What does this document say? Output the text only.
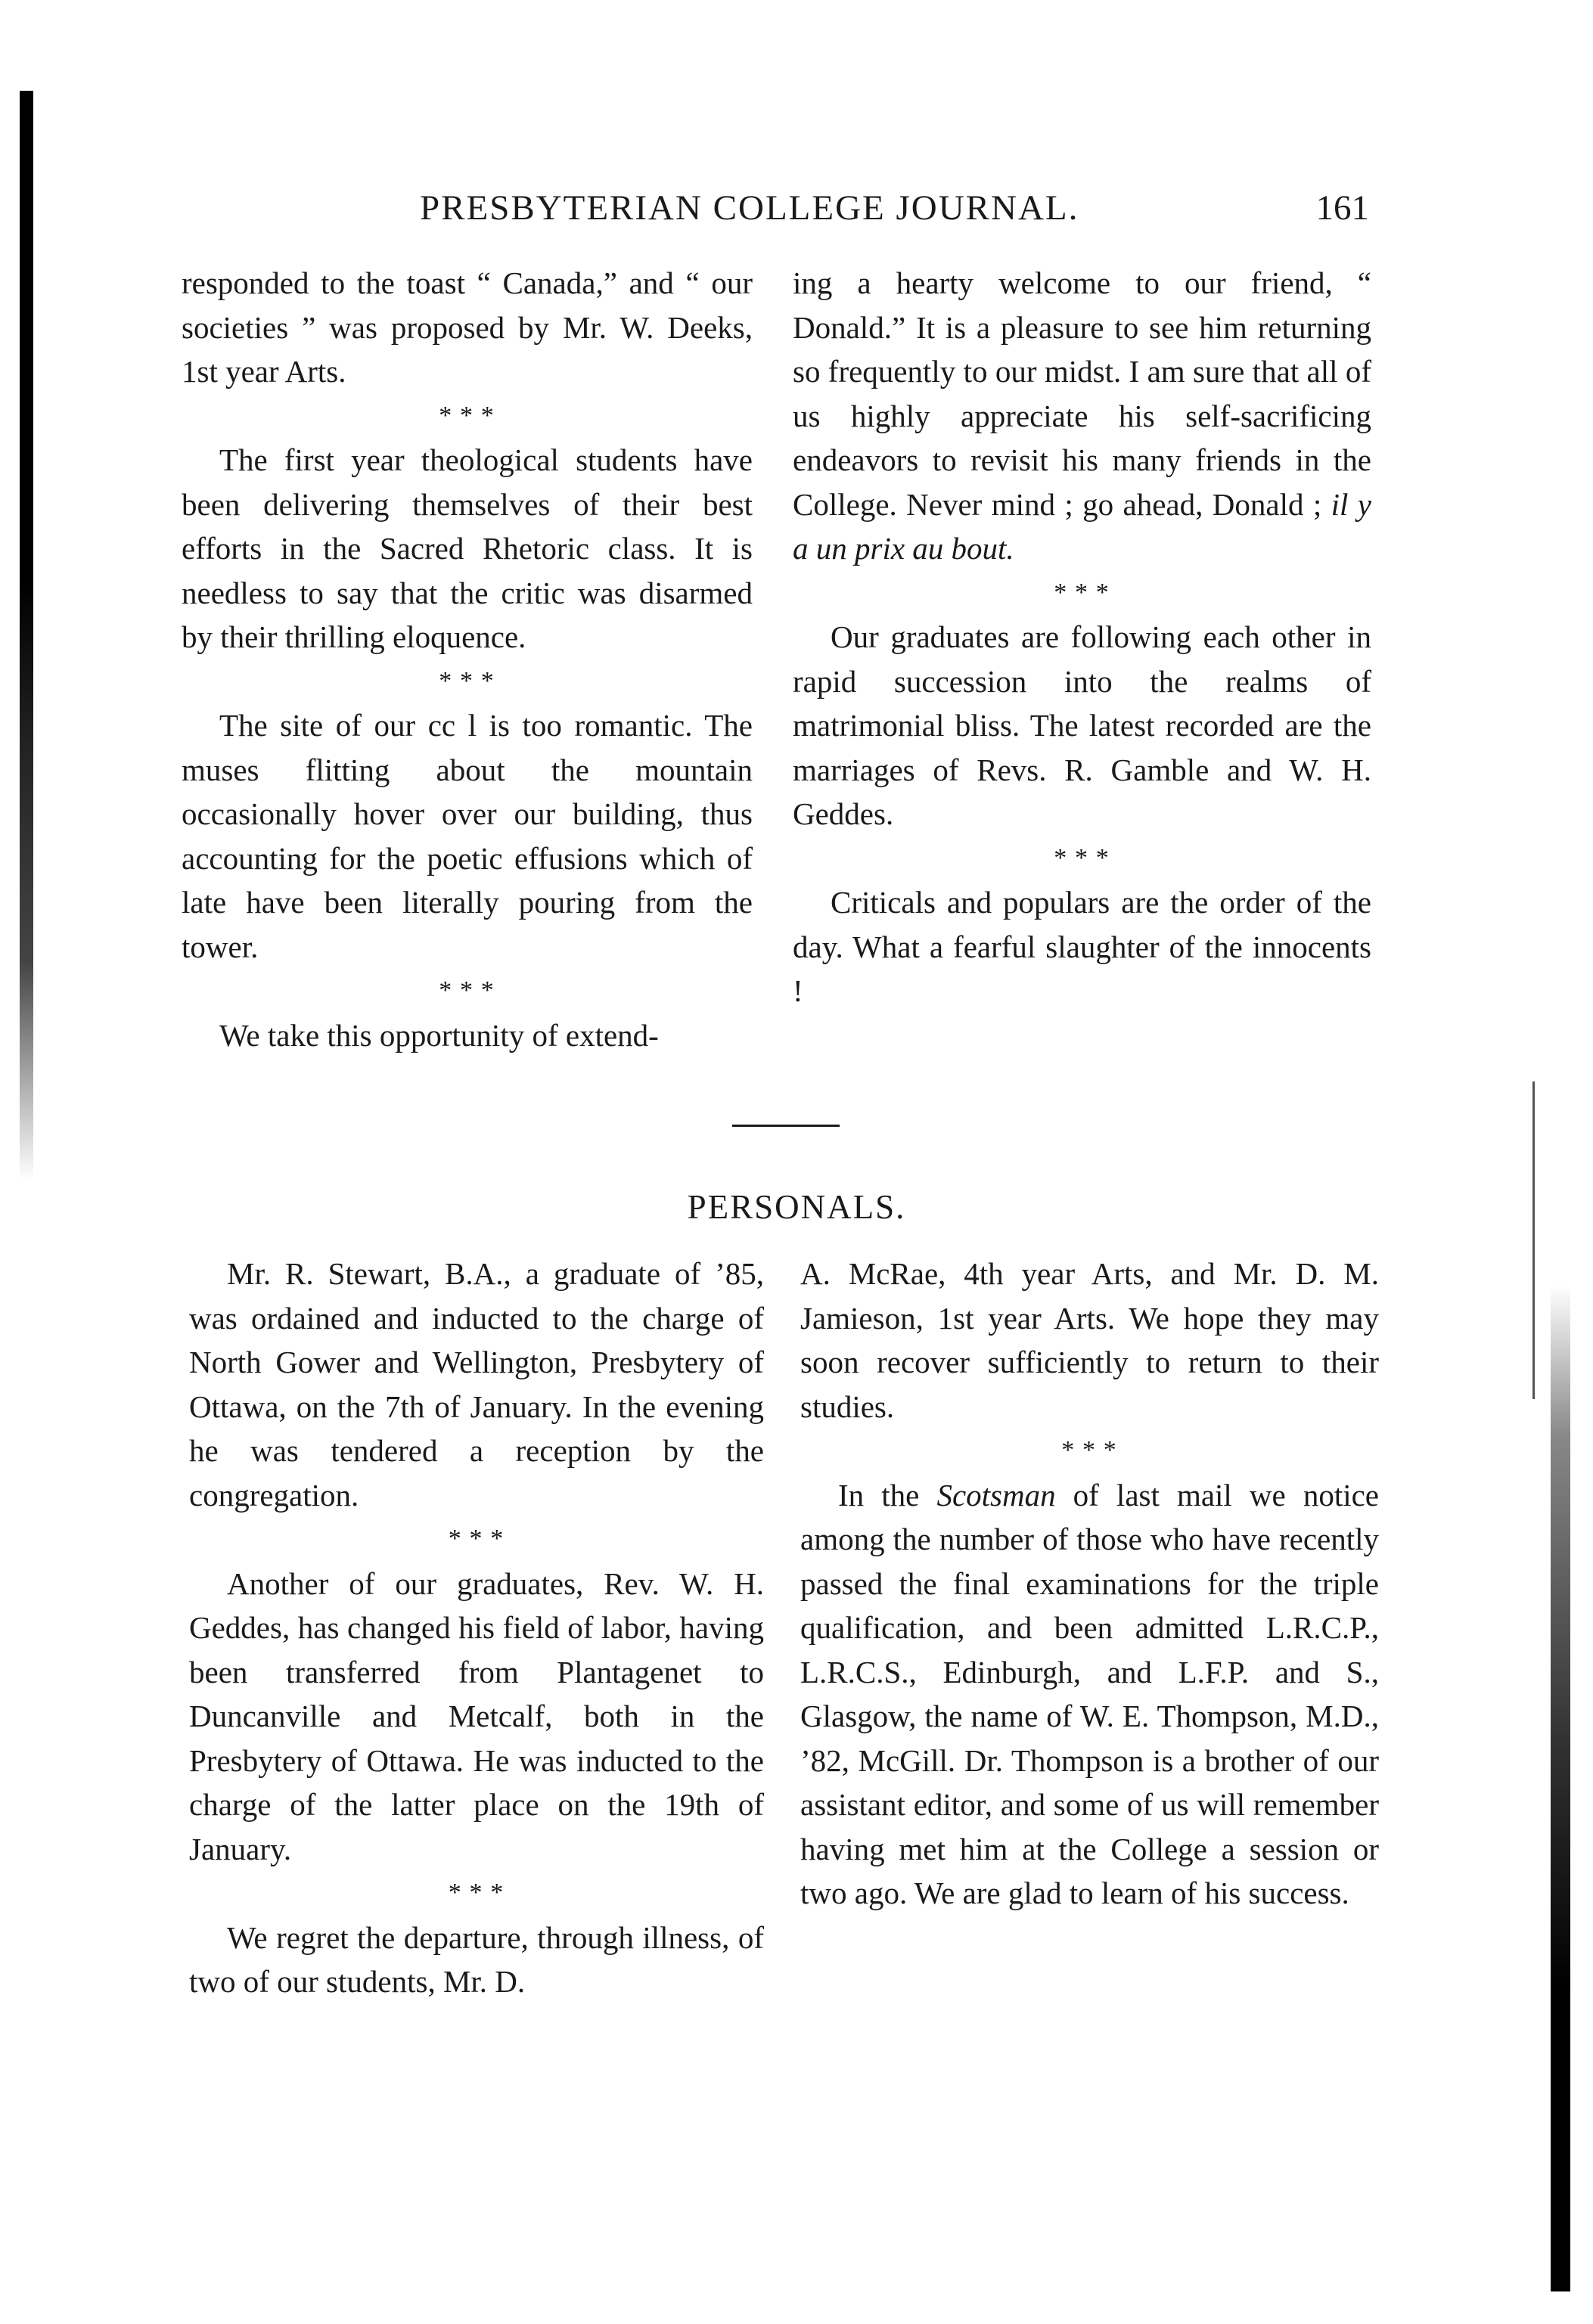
PRESBYTERIAN COLLEGE JOURNAL.	161

responded to the toast “ Canada,” and “ our societies ” was proposed by Mr. W. Deeks, 1st year Arts.

* * *

The first year theological students have been delivering themselves of their best efforts in the Sacred Rhetoric class. It is needless to say that the critic was disarmed by their thrilling eloquence.

* * *

The site of our cc l is too romantic. The muses flitting about the mountain occasionally hover over our building, thus accounting for the poetic effusions which of late have been literally pouring from the tower.

* * *

We take this opportunity of extend-

ing a hearty welcome to our friend, “ Donald.” It is a pleasure to see him returning so frequently to our midst. I am sure that all of us highly appreciate his self-sacrificing endeavors to revisit his many friends in the College. Never mind ; go ahead, Donald ; il y a un prix au bout.

* * *

Our graduates are following each other in rapid succession into the realms of matrimonial bliss. The latest recorded are the marriages of Revs. R. Gamble and W. H. Geddes.

* * *

Criticals and populars are the order of the day. What a fearful slaughter of the innocents !

PERSONALS.

Mr. R. Stewart, B.A., a graduate of ’85, was ordained and inducted to the charge of North Gower and Wellington, Presbytery of Ottawa, on the 7th of January. In the evening he was tendered a reception by the congregation.

* * *

Another of our graduates, Rev. W. H. Geddes, has changed his field of labor, having been transferred from Plantagenet to Duncanville and Metcalf, both in the Presbytery of Ottawa. He was inducted to the charge of the latter place on the 19th of January.

* * *

We regret the departure, through illness, of two of our students, Mr. D.

A. McRae, 4th year Arts, and Mr. D. M. Jamieson, 1st year Arts. We hope they may soon recover sufficiently to return to their studies.

* * *

In the Scotsman of last mail we notice among the number of those who have recently passed the final examinations for the triple qualification, and been admitted L.R.C.P., L.R.C.S., Edinburgh, and L.F.P. and S., Glasgow, the name of W. E. Thompson, M.D., ’82, McGill. Dr. Thompson is a brother of our assistant editor, and some of us will remember having met him at the College a session or two ago. We are glad to learn of his success.
